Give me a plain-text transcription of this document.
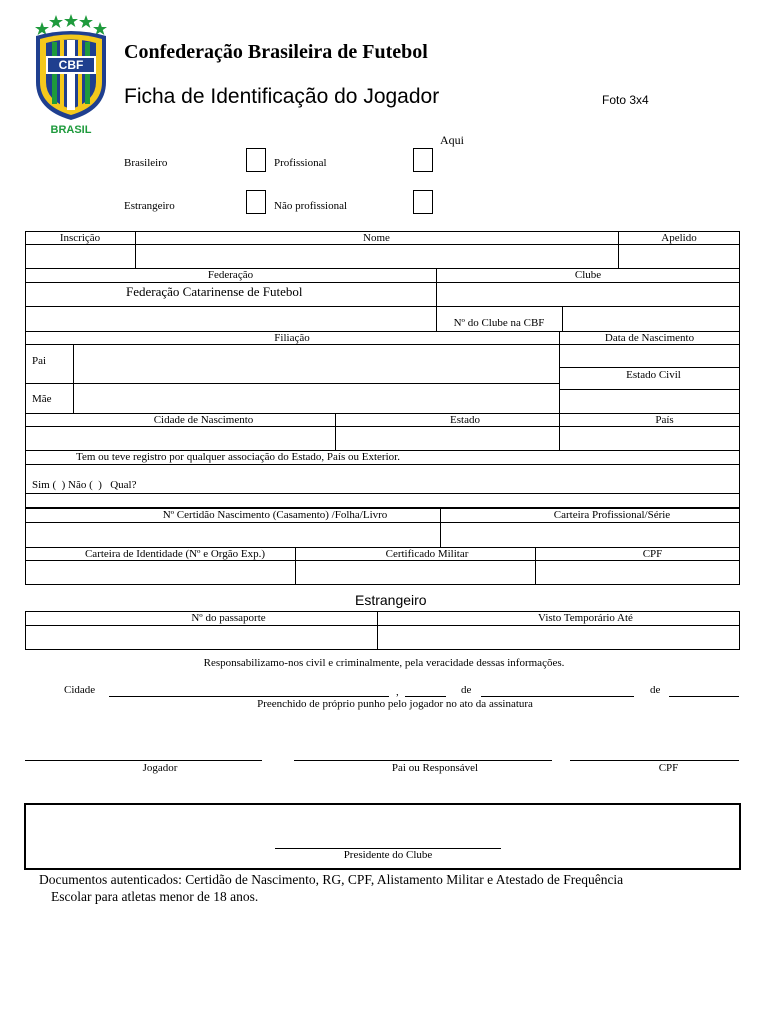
CBF
BRASIL
Confederação Brasileira de Futebol
Ficha de Identificação do Jogador	Foto 3x4
Aqui
Brasileiro	Profissional
Estrangeiro	Não profissional
Inscrição	Nome	Apelido
Federação	Clube
Federação Catarinense de Futebol
Nº do Clube na CBF
Filiação	Data de Nascimento
Pai
Mãe
Estado Civil
Cidade de Nascimento	Estado	País
Tem ou teve registro por qualquer associação do Estado, País ou Exterior.
Sim (  ) Não (  )   Qual?
Nº Certidão Nascimento (Casamento) /Folha/Livro	Carteira Profissional/Série
Carteira de Identidade (Nº e Orgão Exp.)	Certificado Militar	CPF
Estrangeiro
Nº do passaporte	Visto Temporário Até
Responsabilizamo-nos civil e criminalmente, pela veracidade dessas informações.
Cidade	,	de	de
Preenchido de próprio punho pelo jogador no ato da assinatura
Jogador	Pai ou Responsável	CPF
Presidente do Clube
Documentos autenticados: Certidão de Nascimento, RG, CPF, Alistamento Militar e Atestado de Frequência
Escolar para atletas menor de 18 anos.
